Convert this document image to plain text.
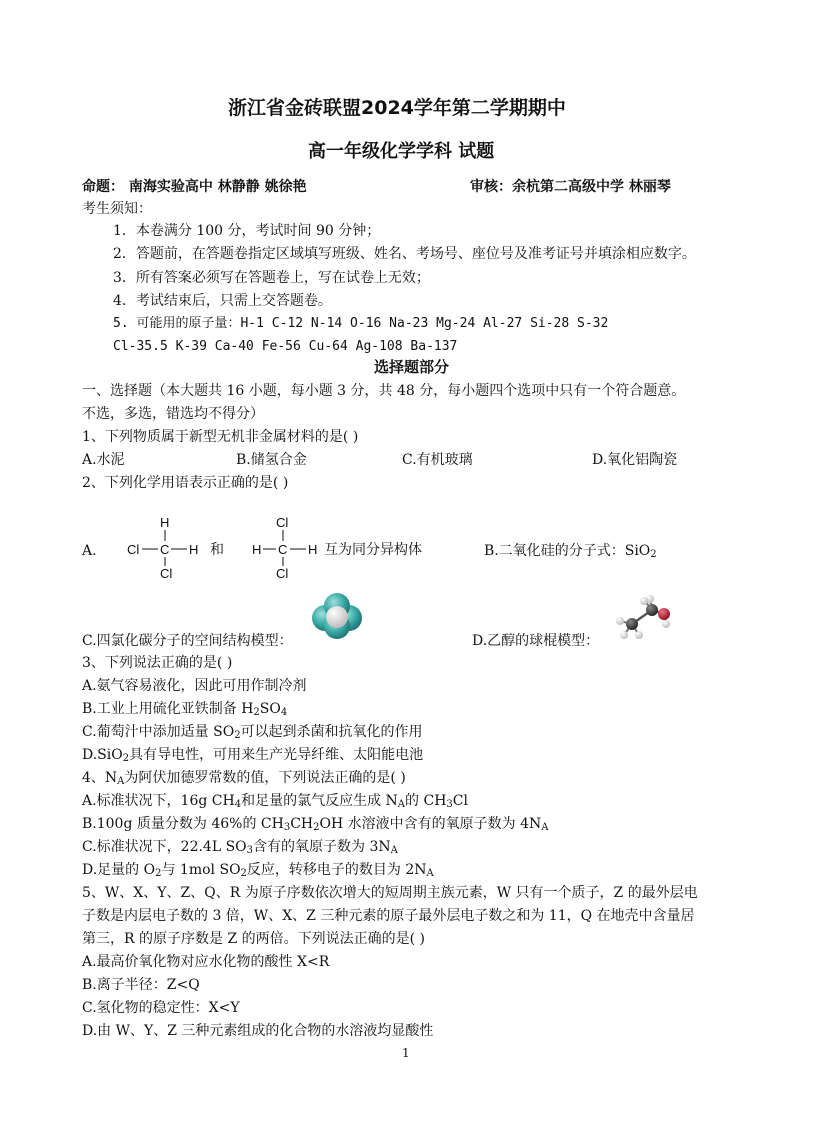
浙江省金砖联盟2024学年第二学期期中
高一年级化学学科 试题
命题： 南海实验高中 林静静 姚徐艳	审核：余杭第二高级中学 林丽琴
考生须知：
1．本卷满分 100 分，考试时间 90 分钟；
2．答题前，在答题卷指定区域填写班级、姓名、考场号、座位号及准考证号并填涂相应数字。
3．所有答案必须写在答题卷上，写在试卷上无效；
4．考试结束后，只需上交答题卷。
5. 可能用的原子量：H-1 C-12 N-14 O-16 Na-23 Mg-24 Al-27 Si-28 S-32
Cl-35.5 K-39 Ca-40 Fe-56 Cu-64 Ag-108 Ba-137
选择题部分
一、选择题（本大题共 16 小题，每小题 3 分，共 48 分，每小题四个选项中只有一个符合题意。
不选，多选，错选均不得分）
1、下列物质属于新型无机非金属材料的是( )
A.水泥	B.储氢合金	C.有机玻璃	D.氧化铝陶瓷
2、下列化学用语表示正确的是( )
A.
H
Cl C H
Cl
和
Cl
H C H
Cl
互为同分异构体	B.二氧化硅的分子式：SiO$_2$
C.四氯化碳分子的空间结构模型：	D.乙醇的球棍模型：
3、下列说法正确的是( )
A.氨气容易液化，因此可用作制冷剂
B.工业上用硫化亚铁制备 $H_2SO_4$
C.葡萄汁中添加适量 $SO_2$可以起到杀菌和抗氧化的作用
D.SiO$_2$具有导电性，可用来生产光导纤维、太阳能电池
4、$N_A$为阿伏加德罗常数的值，下列说法正确的是( )
A.标准状况下，16g $CH_4$和足量的氯气反应生成 $N_A$的 $CH_3Cl$
B.100g 质量分数为 46%的 $CH_3CH_2OH$ 水溶液中含有的氧原子数为 $4N_A$
C.标准状况下，22.4L $SO_3$含有的氧原子数为 $3N_A$
D.足量的 $O_2$与 1mol $SO_2$反应，转移电子的数目为 $2N_A$
5、W、X、Y、Z、Q、R 为原子序数依次增大的短周期主族元素，W 只有一个质子，Z 的最外层电
子数是内层电子数的 3 倍，W、X、Z 三种元素的原子最外层电子数之和为 11，Q 在地壳中含量居
第三，R 的原子序数是 Z 的两倍。下列说法正确的是( )
A.最高价氧化物对应水化物的酸性 X<R
B.离子半径：Z<Q
C.氢化物的稳定性：X<Y
D.由 W、Y、Z 三种元素组成的化合物的水溶液均显酸性
1
